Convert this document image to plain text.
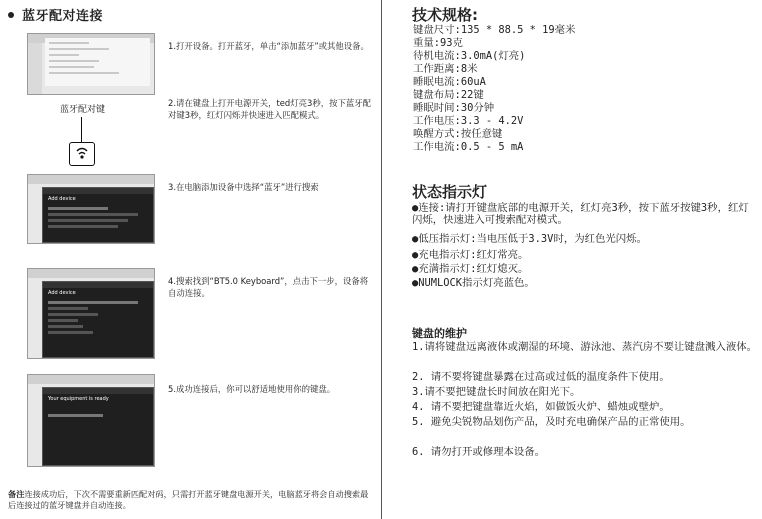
蓝牙配对连接
蓝牙配对键
Add device
Add device
Your equipment is ready
1.打开设备。打开蓝牙，单击“添加蓝牙”或其他设备。
2.请在键盘上打开电源开关，ted灯亮3秒，按下蓝牙配对键3秒，红灯闪烁并快速进入匹配模式。
3.在电脑添加设备中选择“蓝牙”进行搜索
4.搜索找到“BT5.0 Keyboard”，点击下一步，设备将自动连接。
5.成功连接后，你可以舒适地使用你的键盘。
备注连接成功后，下次不需要重新匹配对码，只需打开蓝牙键盘电源开关，电脑蓝牙将会自动搜索最后连接过的蓝牙键盘并自动连接。
技术规格:
键盘尺寸:135 * 88.5 * 19毫米
重量:93克
待机电流:3.0mA(灯亮)
工作距离:8米
睡眠电流:60uA
键盘布局:22键
睡眠时间:30分钟
工作电压:3.3 - 4.2V
唤醒方式:按任意键
工作电流:0.5 - 5 mA
状态指示灯
●连接:请打开键盘底部的电源开关，红灯亮3秒，按下蓝牙按键3秒，红灯闪烁，快速进入可搜索配对模式。
●低压指示灯:当电压低于3.3V时，为红色光闪烁。
●充电指示灯:红灯常亮。
●充满指示灯:红灯熄灭。
●NUMLOCK指示灯亮蓝色。
键盘的维护
1.请将键盘远离液体或潮湿的环境、游泳池、蒸汽房不要让键盘溅入液体。
2. 请不要将键盘暴露在过高或过低的温度条件下使用。
3.请不要把键盘长时间放在阳光下。
4. 请不要把键盘靠近火焰，如做饭火炉、蜡烛或壁炉。
5. 避免尖锐物品划伤产品，及时充电确保产品的正常使用。
6. 请勿打开或修理本设备。
